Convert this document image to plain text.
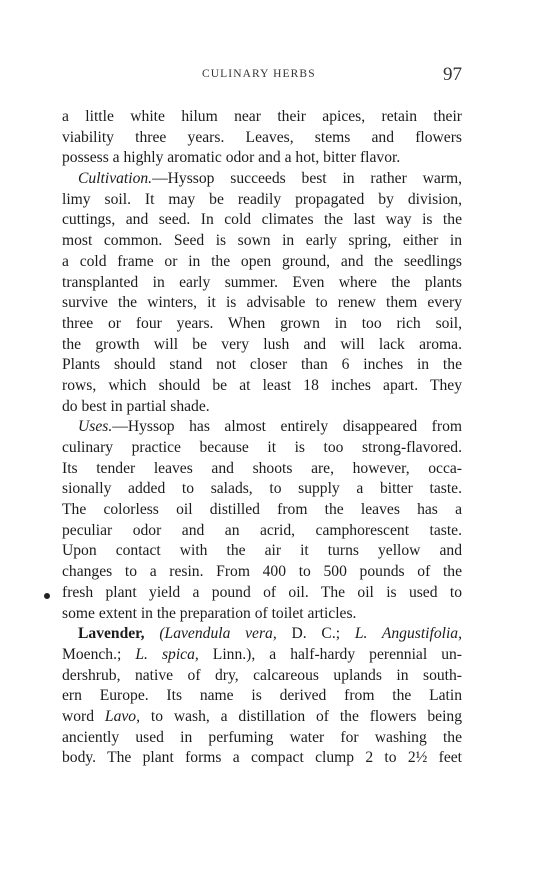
CULINARY HERBS	97
a little white hilum near their apices, retain their
viability three years. Leaves, stems and flowers
possess a highly aromatic odor and a hot, bitter flavor.
Cultivation.—Hyssop succeeds best in rather warm,
limy soil. It may be readily propagated by division,
cuttings, and seed. In cold climates the last way is the
most common. Seed is sown in early spring, either in
a cold frame or in the open ground, and the seedlings
transplanted in early summer. Even where the plants
survive the winters, it is advisable to renew them every
three or four years. When grown in too rich soil,
the growth will be very lush and will lack aroma.
Plants should stand not closer than 6 inches in the
rows, which should be at least 18 inches apart. They
do best in partial shade.
Uses.—Hyssop has almost entirely disappeared from
culinary practice because it is too strong-flavored.
Its tender leaves and shoots are, however, occa-
sionally added to salads, to supply a bitter taste.
The colorless oil distilled from the leaves has a
peculiar odor and an acrid, camphorescent taste.
Upon contact with the air it turns yellow and
changes to a resin. From 400 to 500 pounds of the
fresh plant yield a pound of oil. The oil is used to
some extent in the preparation of toilet articles.
Lavender, (Lavendula vera, D. C.; L. Angustifolia,
Moench.; L. spica, Linn.), a half-hardy perennial un-
dershrub, native of dry, calcareous uplands in south-
ern Europe. Its name is derived from the Latin
word Lavo, to wash, a distillation of the flowers being
anciently used in perfuming water for washing the
body. The plant forms a compact clump 2 to 2½ feet
